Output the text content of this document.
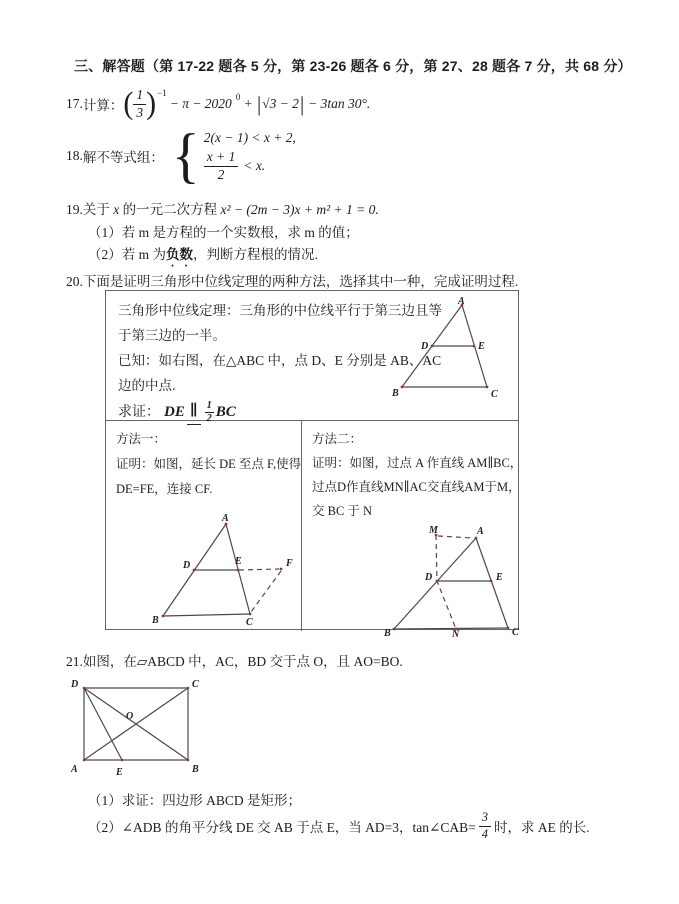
三、解答题（第 17-22 题各 5 分，第 23-26 题各 6 分，第 27、28 题各 7 分，共 68 分）
17. 计算： ( $\frac{1}{3}$ ) −1
− π − 2020 0 + | √3 − 2 | − 3tan 30°.
18. 解不等式组： { 2(x − 1) < x + 2,
$\frac{x + 1}{2} < x$.
19.关于 x 的一元二次方程 x² − (2m − 3)x + m² + 1 = 0.
（1）若 m 是方程的一个实数根，求 m 的值；
（2）若 m 为负数，判断方程根的情况.
20.下面是证明三角形中位线定理的两种方法，选择其中一种，完成证明过程.
三角形中位线定理：三角形的中位线平行于第三边且等
于第三边的一半。
已知：如右图，在△ABC 中，点 D、E 分别是 AB、AC
边的中点.
求证： DE ∥ $\frac{1}{2}$ BC
A
B	C
D	E
方法一：
证明：如图，延长 DE 至点 F,使得
DE=FE，连接 CF.
A
B	C
D	E	F
方法二：
证明：如图，过点 A 作直线 AM∥BC，
过点D作直线MN∥AC交直线AM于M，
交 BC 于 N
M	A
D	E
B	N	C
21.如图，在▱ABCD 中，AC，BD 交于点 O，且 AO=BO.
D	C
A	B
O
E
（1）求证：四边形 ABCD 是矩形；
（2）∠ADB 的角平分线 DE 交 AB 于点 E，当 AD=3，tan∠CAB= $\frac{3}{4}$ 时，求 AE 的长.
